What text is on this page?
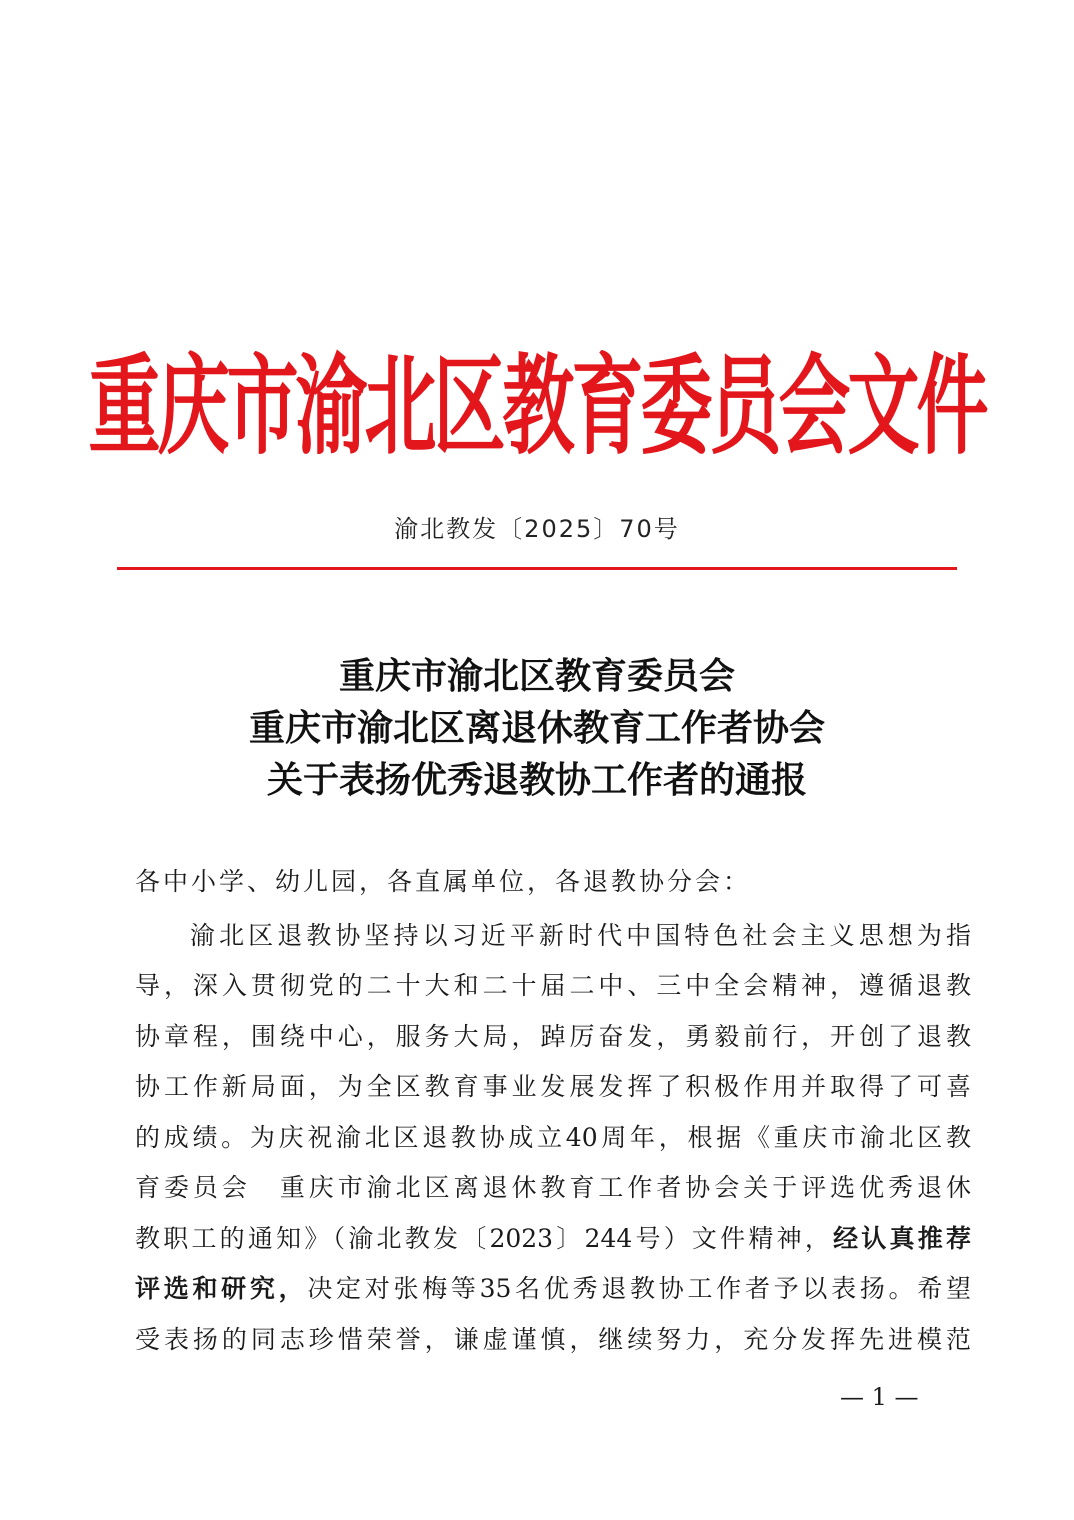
重庆市渝北区教育委员会文件
渝北教发〔2025〕70号
重庆市渝北区教育委员会
重庆市渝北区离退休教育工作者协会
关于表扬优秀退教协工作者的通报
各中小学、幼儿园，各直属单位，各退教协分会：
渝北区退教协坚持以习近平新时代中国特色社会主义思想为指
导，深入贯彻党的二十大和二十届二中、三中全会精神，遵循退教
协章程，围绕中心，服务大局，踔厉奋发，勇毅前行，开创了退教
协工作新局面，为全区教育事业发展发挥了积极作用并取得了可喜
的成绩。为庆祝渝北区退教协成立40周年，根据《重庆市渝北区教
育委员会　重庆市渝北区离退休教育工作者协会关于评选优秀退休
教职工的通知》（渝北教发〔2023〕244号）文件精神，经认真推荐
评选和研究，决定对张梅等35名优秀退教协工作者予以表扬。希望
受表扬的同志珍惜荣誉，谦虚谨慎，继续努力，充分发挥先进模范
— 1 —
